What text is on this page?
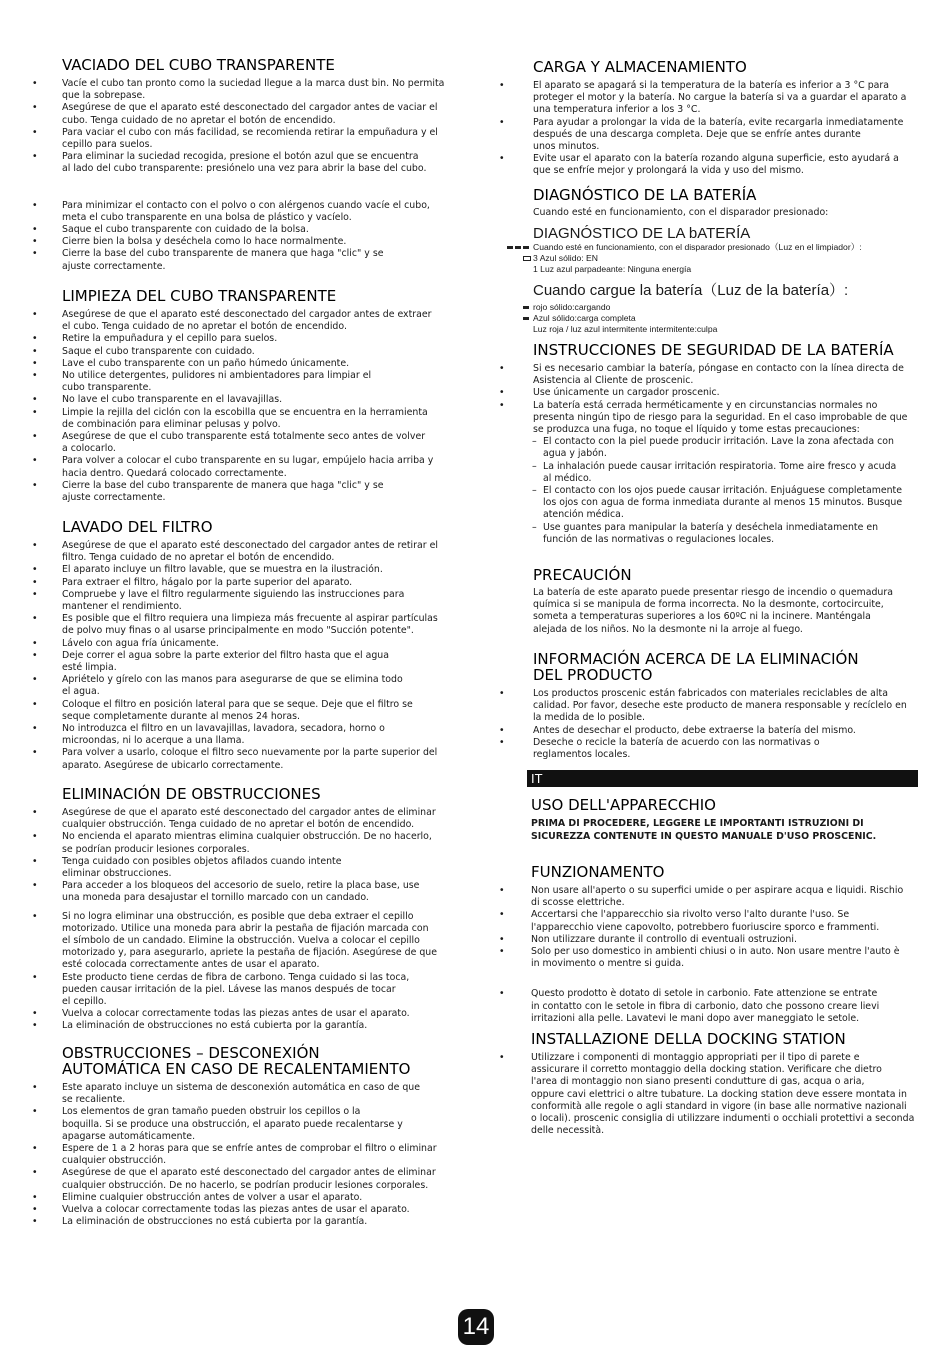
VACIADO DEL CUBO TRANSPARENTE
• Vacíe el cubo tan pronto como la suciedad llegue a la marca dust bin. No permita
que la sobrepase.
• Asegúrese de que el aparato esté desconectado del cargador antes de vaciar el
cubo. Tenga cuidado de no apretar el botón de encendido.
• Para vaciar el cubo con más facilidad, se recomienda retirar la empuñadura y el
cepillo para suelos.
• Para eliminar la suciedad recogida, presione el botón azul que se encuentra
al lado del cubo transparente: presiónelo una vez para abrir la base del cubo.
• Para minimizar el contacto con el polvo o con alérgenos cuando vacíe el cubo,
meta el cubo transparente en una bolsa de plástico y vacíelo.
• Saque el cubo transparente con cuidado de la bolsa.
• Cierre bien la bolsa y deséchela como lo hace normalmente.
• Cierre la base del cubo transparente de manera que haga "clic" y se
ajuste correctamente.
LIMPIEZA DEL CUBO TRANSPARENTE
• Asegúrese de que el aparato esté desconectado del cargador antes de extraer
el cubo. Tenga cuidado de no apretar el botón de encendido.
• Retire la empuñadura y el cepillo para suelos.
• Saque el cubo transparente con cuidado.
• Lave el cubo transparente con un paño húmedo únicamente.
• No utilice detergentes, pulidores ni ambientadores para limpiar el
cubo transparente.
• No lave el cubo transparente en el lavavajillas.
• Limpie la rejilla del ciclón con la escobilla que se encuentra en la herramienta
de combinación para eliminar pelusas y polvo.
• Asegúrese de que el cubo transparente está totalmente seco antes de volver
a colocarlo.
• Para volver a colocar el cubo transparente en su lugar, empújelo hacia arriba y
hacia dentro. Quedará colocado correctamente.
• Cierre la base del cubo transparente de manera que haga "clic" y se
ajuste correctamente.
LAVADO DEL FILTRO
• Asegúrese de que el aparato esté desconectado del cargador antes de retirar el
filtro. Tenga cuidado de no apretar el botón de encendido.
• El aparato incluye un filtro lavable, que se muestra en la ilustración.
• Para extraer el filtro, hágalo por la parte superior del aparato.
• Compruebe y lave el filtro regularmente siguiendo las instrucciones para
mantener el rendimiento.
• Es posible que el filtro requiera una limpieza más frecuente al aspirar partículas
de polvo muy finas o al usarse principalmente en modo "Succión potente".
• Lávelo con agua fría únicamente.
• Deje correr el agua sobre la parte exterior del filtro hasta que el agua
esté limpia.
• Apriételo y gírelo con las manos para asegurarse de que se elimina todo
el agua.
• Coloque el filtro en posición lateral para que se seque. Deje que el filtro se
seque completamente durante al menos 24 horas.
• No introduzca el filtro en un lavavajillas, lavadora, secadora, horno o
microondas, ni lo acerque a una llama.
• Para volver a usarlo, coloque el filtro seco nuevamente por la parte superior del
aparato. Asegúrese de ubicarlo correctamente.
ELIMINACIÓN DE OBSTRUCCIONES
• Asegúrese de que el aparato esté desconectado del cargador antes de eliminar
cualquier obstrucción. Tenga cuidado de no apretar el botón de encendido.
• No encienda el aparato mientras elimina cualquier obstrucción. De no hacerlo,
se podrían producir lesiones corporales.
• Tenga cuidado con posibles objetos afilados cuando intente
eliminar obstrucciones.
• Para acceder a los bloqueos del accesorio de suelo, retire la placa base, use
una moneda para desajustar el tornillo marcado con un candado.
• Si no logra eliminar una obstrucción, es posible que deba extraer el cepillo
motorizado. Utilice una moneda para abrir la pestaña de fijación marcada con
el símbolo de un candado. Elimine la obstrucción. Vuelva a colocar el cepillo
motorizado y, para asegurarlo, apriete la pestaña de fijación. Asegúrese de que
esté colocada correctamente antes de usar el aparato.
• Este producto tiene cerdas de fibra de carbono. Tenga cuidado si las toca,
pueden causar irritación de la piel. Lávese las manos después de tocar
el cepillo.
• Vuelva a colocar correctamente todas las piezas antes de usar el aparato.
• La eliminación de obstrucciones no está cubierta por la garantía.
OBSTRUCCIONES – DESCONEXIÓN
AUTOMÁTICA EN CASO DE RECALENTAMIENTO
• Este aparato incluye un sistema de desconexión automática en caso de que
se recaliente.
• Los elementos de gran tamaño pueden obstruir los cepillos o la
boquilla. Si se produce una obstrucción, el aparato puede recalentarse y
apagarse automáticamente.
• Espere de 1 a 2 horas para que se enfríe antes de comprobar el filtro o eliminar
cualquier obstrucción.
• Asegúrese de que el aparato esté desconectado del cargador antes de eliminar
cualquier obstrucción. De no hacerlo, se podrían producir lesiones corporales.
• Elimine cualquier obstrucción antes de volver a usar el aparato.
• Vuelva a colocar correctamente todas las piezas antes de usar el aparato.
• La eliminación de obstrucciones no está cubierta por la garantía.
CARGA Y ALMACENAMIENTO
• El aparato se apagará si la temperatura de la batería es inferior a 3 °C para
proteger el motor y la batería. No cargue la batería si va a guardar el aparato a
una temperatura inferior a los 3 °C.
• Para ayudar a prolongar la vida de la batería, evite recargarla inmediatamente
después de una descarga completa. Deje que se enfríe antes durante
unos minutos.
• Evite usar el aparato con la batería rozando alguna superficie, esto ayudará a
que se enfríe mejor y prolongará la vida y uso del mismo.
DIAGNÓSTICO DE LA BATERÍA
Cuando esté en funcionamiento, con el disparador presionado:
DIAGNÓSTICO DE LA bATERÍA
Cuando esté en funcionamiento, con el disparador presionado（Luz en el limpiador）:
3 Azul sólido: EN
1 Luz azul parpadeante: Ninguna energía
Cuando cargue la batería（Luz de la batería）:
rojo sólido:cargando
Azul sólido:carga completa
Luz roja / luz azul intermitente intermitente:culpa
INSTRUCCIONES DE SEGURIDAD DE LA BATERÍA
• Si es necesario cambiar la batería, póngase en contacto con la línea directa de
Asistencia al Cliente de proscenic.
• Use únicamente un cargador proscenic.
• La batería está cerrada herméticamente y en circunstancias normales no
presenta ningún tipo de riesgo para la seguridad. En el caso improbable de que
se produzca una fuga, no toque el líquido y tome estas precauciones:
– El contacto con la piel puede producir irritación. Lave la zona afectada con
agua y jabón.
– La inhalación puede causar irritación respiratoria. Tome aire fresco y acuda
al médico.
– El contacto con los ojos puede causar irritación. Enjuáguese completamente
los ojos con agua de forma inmediata durante al menos 15 minutos. Busque
atención médica.
– Use guantes para manipular la batería y deséchela inmediatamente en
función de las normativas o regulaciones locales.
PRECAUCIÓN
La batería de este aparato puede presentar riesgo de incendio o quemadura
química si se manipula de forma incorrecta. No la desmonte, cortocircuite,
someta a temperaturas superiores a los 60ºC ni la incinere. Manténgala
alejada de los niños. No la desmonte ni la arroje al fuego.
INFORMACIÓN ACERCA DE LA ELIMINACIÓN
DEL PRODUCTO
• Los productos proscenic están fabricados con materiales reciclables de alta
calidad. Por favor, deseche este producto de manera responsable y recíclelo en
la medida de lo posible.
• Antes de desechar el producto, debe extraerse la batería del mismo.
• Deseche o recicle la batería de acuerdo con las normativas o
reglamentos locales.
USO DELL'APPARECCHIO
PRIMA DI PROCEDERE, LEGGERE LE IMPORTANTI ISTRUZIONI DI
SICUREZZA CONTENUTE IN QUESTO MANUALE D'USO PROSCENIC.
FUNZIONAMENTO
• Non usare all'aperto o su superfici umide o per aspirare acqua e liquidi. Rischio
di scosse elettriche.
• Accertarsi che l'apparecchio sia rivolto verso l'alto durante l'uso. Se
l'apparecchio viene capovolto, potrebbero fuoriuscire sporco e frammenti.
• Non utilizzare durante il controllo di eventuali ostruzioni.
• Solo per uso domestico in ambienti chiusi o in auto. Non usare mentre l'auto è
in movimento o mentre si guida.
• Questo prodotto è dotato di setole in carbonio. Fate attenzione se entrate
in contatto con le setole in fibra di carbonio, dato che possono creare lievi
irritazioni alla pelle. Lavatevi le mani dopo aver maneggiato le setole.
INSTALLAZIONE DELLA DOCKING STATION
• Utilizzare i componenti di montaggio appropriati per il tipo di parete e
assicurare il corretto montaggio della docking station. Verificare che dietro
l'area di montaggio non siano presenti condutture di gas, acqua o aria,
oppure cavi elettrici o altre tubature. La docking station deve essere montata in
conformità alle regole o agli standard in vigore (in base alle normative nazionali
o locali). proscenic consiglia di utilizzare indumenti o occhiali protettivi a seconda
delle necessità.
IT
14
